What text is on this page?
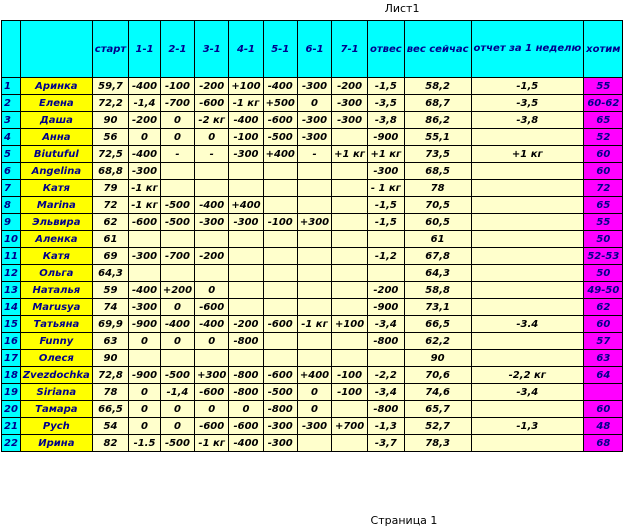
Лист1
		старт	1-1	2-1	3-1	4-1	5-1	6-1	7-1	отвес	вес сейчас	отчет за 1 неделю	хотим
1	Аринка	59,7	-400	-100	-200	+100	-400	-300	-200	-1,5	58,2	-1,5	55
2	Елена	72,2	-1,4	-700	-600	-1 кг	+500	0	-300	-3,5	68,7	-3,5	60-62
3	Даша	90	-200	0	-2 кг	-400	-600	-300	-300	-3,8	86,2	-3,8	65
4	Анна	56	0	0	0	-100	-500	-300		-900	55,1		52
5	Biutuful	72,5	-400	-	-	-300	+400	-	+1 кг	+1 кг	73,5	+1 кг	60
6	Angelina	68,8	-300							-300	68,5		60
7	Катя	79	-1 кг							- 1 кг	78		72
8	Marina	72	-1 кг	-500	-400	+400				-1,5	70,5		65
9	Эльвира	62	-600	-500	-300	-300	-100	+300		-1,5	60,5		55
10	Аленка	61									61		50
11	Катя	69	-300	-700	-200					-1,2	67,8		52-53
12	Ольга	64,3									64,3		50
13	Наталья	59	-400	+200	0					-200	58,8		49-50
14	Marusya	74	-300	0	-600					-900	73,1		62
15	Татьяна	69,9	-900	-400	-400	-200	-600	-1 кг	+100	-3,4	66,5	-3.4	60
16	Funny	63	0	0	0	-800				-800	62,2		57
17	Олеся	90									90		63
18	Zvezdochka	72,8	-900	-500	+300	-800	-600	+400	-100	-2,2	70,6	-2,2 кг	64
19	Siriana	78	0	-1,4	-600	-800	-500	0	-100	-3,4	74,6	-3,4	
20	Тамара	66,5	0	0	0	0	-800	0		-800	65,7		60
21	Pych	54	0	0	-600	-600	-300	-300	+700	-1,3	52,7	-1,3	48
22	Ирина	82	-1.5	-500	-1 кг	-400	-300			-3,7	78,3		68
Страница 1
